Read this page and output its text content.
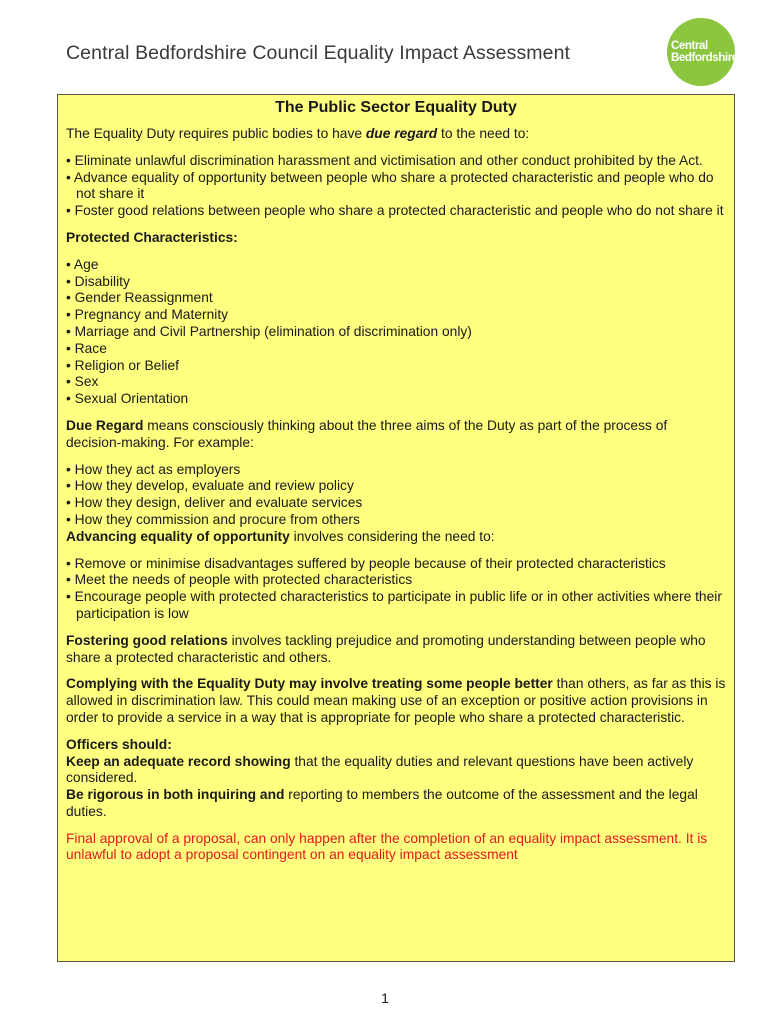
Central Bedfordshire Council Equality Impact Assessment	Central
Bedfordshire
The Public Sector Equality Duty

The Equality Duty requires public bodies to have due regard to the need to:

• Eliminate unlawful discrimination harassment and victimisation and other conduct prohibited by the Act.
• Advance equality of opportunity between people who share a protected characteristic and people who do not share it
• Foster good relations between people who share a protected characteristic and people who do not share it

Protected Characteristics:

• Age
• Disability
• Gender Reassignment
• Pregnancy and Maternity
• Marriage and Civil Partnership (elimination of discrimination only)
• Race
• Religion or Belief
• Sex
• Sexual Orientation

Due Regard means consciously thinking about the three aims of the Duty as part of the process of decision-making. For example:

• How they act as employers
• How they develop, evaluate and review policy
• How they design, deliver and evaluate services
• How they commission and procure from others

Advancing equality of opportunity involves considering the need to:

• Remove or minimise disadvantages suffered by people because of their protected characteristics
• Meet the needs of people with protected characteristics
• Encourage people with protected characteristics to participate in public life or in other activities where their participation is low

Fostering good relations involves tackling prejudice and promoting understanding between people who share a protected characteristic and others.

Complying with the Equality Duty may involve treating some people better than others, as far as this is allowed in discrimination law. This could mean making use of an exception or positive action provisions in order to provide a service in a way that is appropriate for people who share a protected characteristic.

Officers should:

Keep an adequate record showing that the equality duties and relevant questions have been actively considered.

Be rigorous in both inquiring and reporting to members the outcome of the assessment and the legal duties.

Final approval of a proposal, can only happen after the completion of an equality impact assessment. It is unlawful to adopt a proposal contingent on an equality impact assessment

1
